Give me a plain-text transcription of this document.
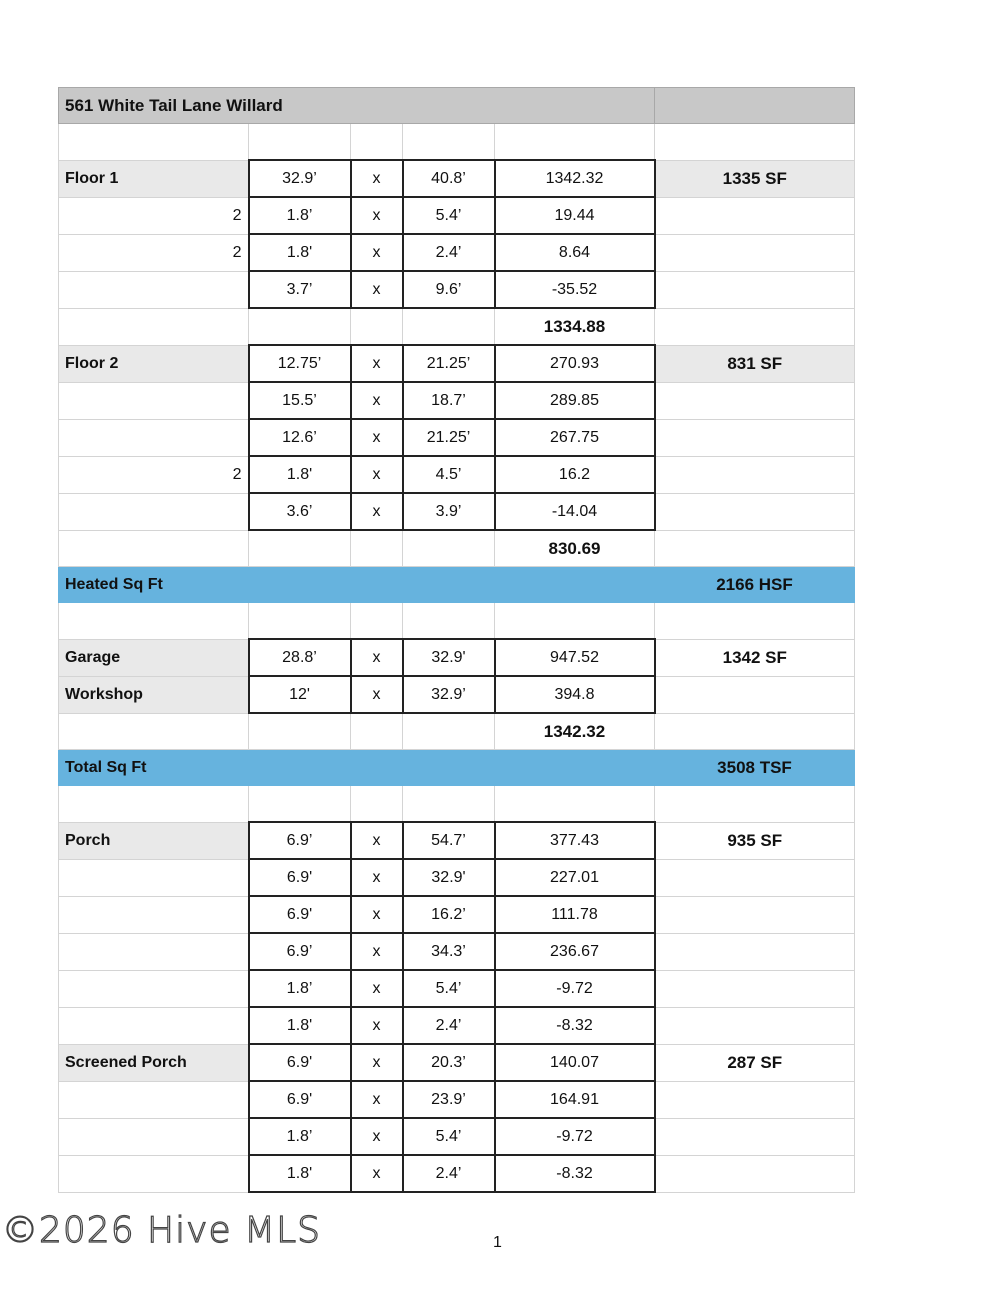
561 White Tail Lane Willard					

Floor 1	32.9’	x	40.8’	1342.32	1335 SF
2	1.8’	x	5.4’	19.44	
2	1.8'	x	2.4’	8.64	
	3.7’	x	9.6’	-35.52	
				1334.88	
Floor 2	12.75’	x	21.25’	270.93	831 SF
	15.5’	x	18.7’	289.85	
	12.6’	x	21.25’	267.75	
2	1.8'	x	4.5’	16.2	
	3.6’	x	3.9’	-14.04	
				830.69	
Heated Sq Ft					2166 HSF

Garage	28.8’	x	32.9'	947.52	1342 SF
Workshop	12'	x	32.9’	394.8	
				1342.32	
Total Sq Ft					3508 TSF

Porch	6.9’	x	54.7’	377.43	935 SF
	6.9'	x	32.9'	227.01	
	6.9'	x	16.2’	111.78	
	6.9’	x	34.3’	236.67	
	1.8’	x	5.4’	-9.72	
	1.8'	x	2.4’	-8.32	
Screened Porch	6.9'	x	20.3’	140.07	287 SF
	6.9'	x	23.9’	164.91	
	1.8’	x	5.4’	-9.72	
	1.8'	x	2.4’	-8.32	
©2026 Hive MLS	1
